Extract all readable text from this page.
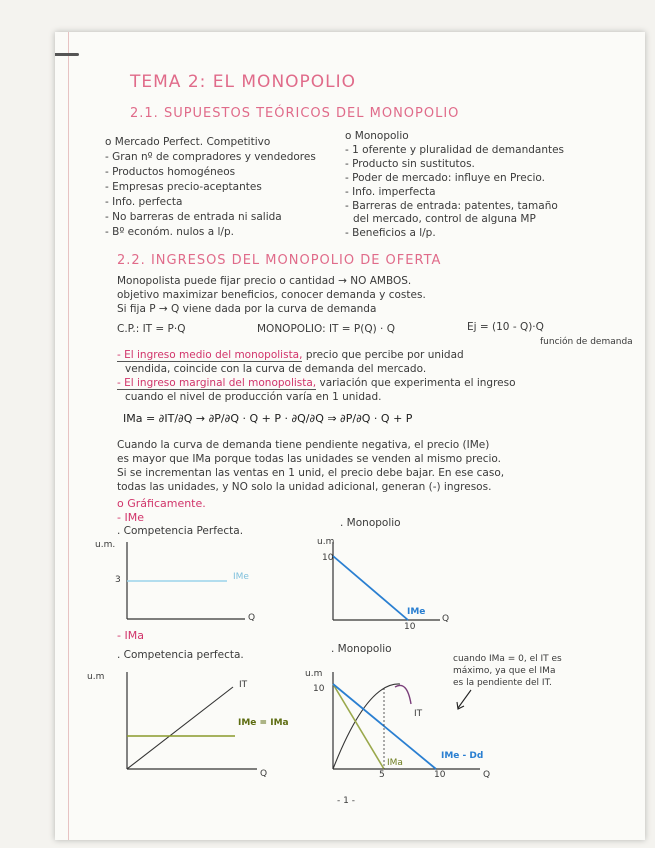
TEMA 2: EL MONOPOLIO
2.1. SUPUESTOS TEÓRICOS DEL MONOPOLIO
o Mercado Perfect. Competitivo
- Gran nº de compradores y vendedores
- Productos homogéneos
- Empresas precio-aceptantes
- Info. perfecta
- No barreras de entrada ni salida
- Bº económ. nulos a l/p.
o Monopolio
- 1 oferente y pluralidad de demandantes
- Producto sin sustitutos.
- Poder de mercado: influye en Precio.
- Info. imperfecta
- Barreras de entrada: patentes, tamaño
del mercado, control de alguna MP
- Beneficios a l/p.
2.2. INGRESOS DEL MONOPOLIO DE OFERTA
Monopolista puede fijar precio o cantidad → NO AMBOS.
objetivo maximizar beneficios, conocer demanda y costes.
Si fija P → Q viene dada por la curva de demanda
C.P.: IT = P·Q	MONOPOLIO: IT = P(Q) · Q	Ej = (10 - Q)·Q
función de demanda
- El ingreso medio del monopolista, precio que percibe por unidad
vendida, coincide con la curva de demanda del mercado.
- El ingreso marginal del monopolista, variación que experimenta el ingreso
cuando el nivel de producción varía en 1 unidad.
IMa = ∂IT/∂Q → ∂P/∂Q · Q + P · ∂Q/∂Q ⇒ ∂P/∂Q · Q + P
Cuando la curva de demanda tiene pendiente negativa, el precio (IMe)
es mayor que IMa porque todas las unidades se venden al mismo precio.
Si se incrementan las ventas en 1 unid, el precio debe bajar. En ese caso,
todas las unidades, y NO solo la unidad adicional, generan (-) ingresos.
o Gráficamente.
- IMe
- IMa
. Competencia Perfecta.
u.m.
3	IMe
Q
. Monopolio
u.m
10
IMe
10
Q
. Competencia perfecta.
u.m
IT
IMe = IMa
Q
. Monopolio
u.m
10
IT
IMa
IMe - Dd
5	10	Q
cuando IMa = 0, el IT es
máximo, ya que el IMa
es la pendiente del IT.
- 1 -
